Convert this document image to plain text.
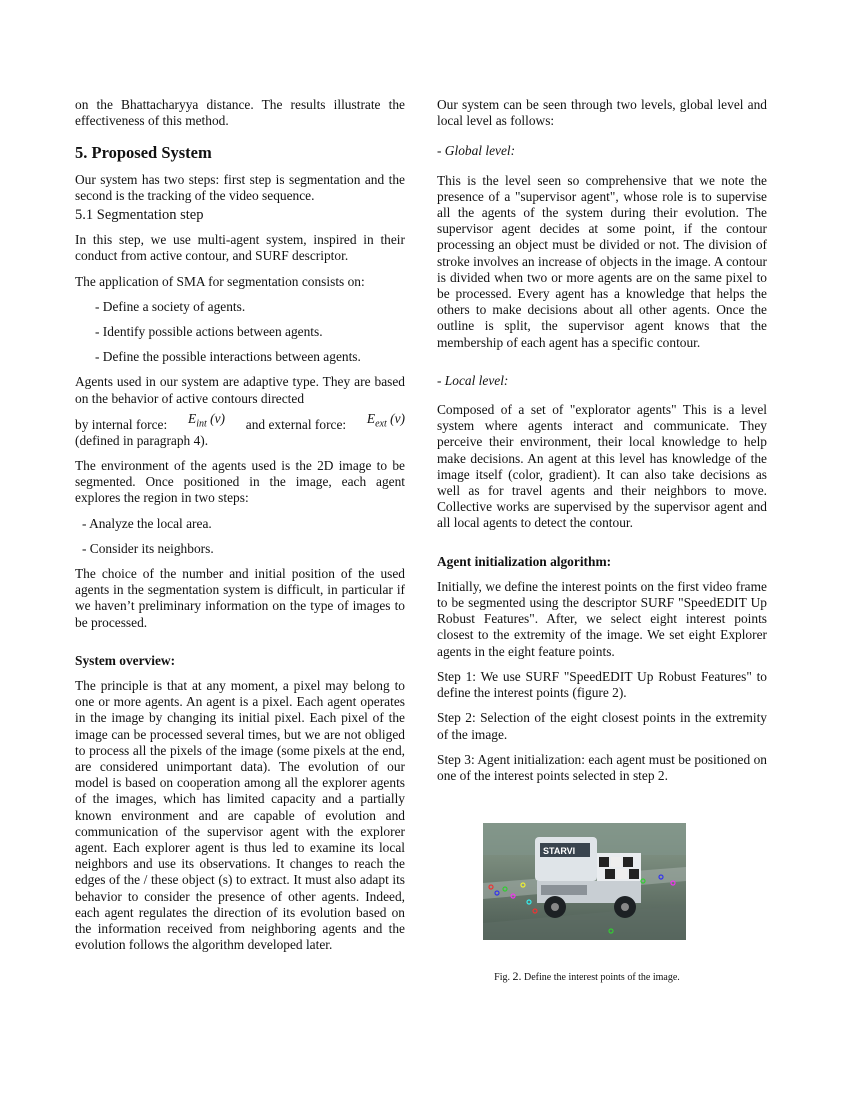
on the Bhattacharyya distance. The results illustrate the effectiveness of this method.

5. Proposed System

Our system has two steps: first step is segmentation and the second is the tracking of the video sequence.

5.1 Segmentation step

In this step, we use multi-agent system, inspired in their conduct from active contour, and SURF descriptor.

The application of SMA for segmentation consists on:

- Define a society of agents.
- Identify possible actions between agents.
- Define the possible interactions between agents.

Agents used in our system are adaptive type. They are based on the behavior of active contours directed

by internal force: $E_{int}$ (v) and external force: $E_{ext}$ (v)

(defined in paragraph 4).

The environment of the agents used is the 2D image to be segmented. Once positioned in the image, each agent explores the region in two steps:

- Analyze the local area.
- Consider its neighbors.

The choice of the number and initial position of the used agents in the segmentation system is difficult, in particular if we haven’t preliminary information on the type of images to be processed.

System overview:

The principle is that at any moment, a pixel may belong to one or more agents. An agent is a pixel. Each agent operates in the image by changing its initial pixel. Each pixel of the image can be processed several times, but we are not obliged to process all the pixels of the image (some pixels at the end, are considered unimportant data). The evolution of our model is based on cooperation among all the explorer agents of the images, which has limited capacity and a partially known environment and are capable of evolution and communication of the supervisor agent with the explorer agent. Each explorer agent is thus led to examine its local neighbors and use its observations. It changes to reach the edges of the / these object (s) to extract. It must also adapt its behavior to consider the presence of other agents. Indeed, each agent regulates the direction of its evolution based on the information received from neighboring agents and the evolution follows the algorithm developed later.

Our system can be seen through two levels, global level and local level as follows:

- Global level:

This is the level seen so comprehensive that we note the presence of a "supervisor agent", whose role is to supervise all the agents of the system during their evolution. The supervisor agent decides at some point, if the contour processing an object must be divided or not. The division of stroke involves an increase of objects in the image. A contour is divided when two or more agents are on the same pixel to be processed. Every agent has a knowledge that helps the others to make decisions about all other agents. Once the outline is split, the supervisor agent knows that the membership of each agent has a specific contour.

- Local level:

Composed of a set of "explorator agents" This is a level system where agents interact and communicate. They perceive their environment, their local knowledge to help make decisions. An agent at this level has knowledge of the image itself (color, gradient). It can also take decisions as well as for travel agents and their neighbors to move. Collective works are supervised by the supervisor agent and all local agents to detect the contour.

Agent initialization algorithm:

Initially, we define the interest points on the first video frame to be segmented using the descriptor SURF "SpeedEDIT Up Robust Features". After, we select eight interest points closest to the extremity of the image. We set eight Explorer agents in the eight feature points.

Step 1: We use SURF "SpeedEDIT Up Robust Features" to define the interest points (figure 2).

Step 2: Selection of the eight closest points in the extremity of the image.

Step 3: Agent initialization: each agent must be positioned on one of the interest points selected in step 2.

STARVI
Fig. 2. Define the interest points of the image.
